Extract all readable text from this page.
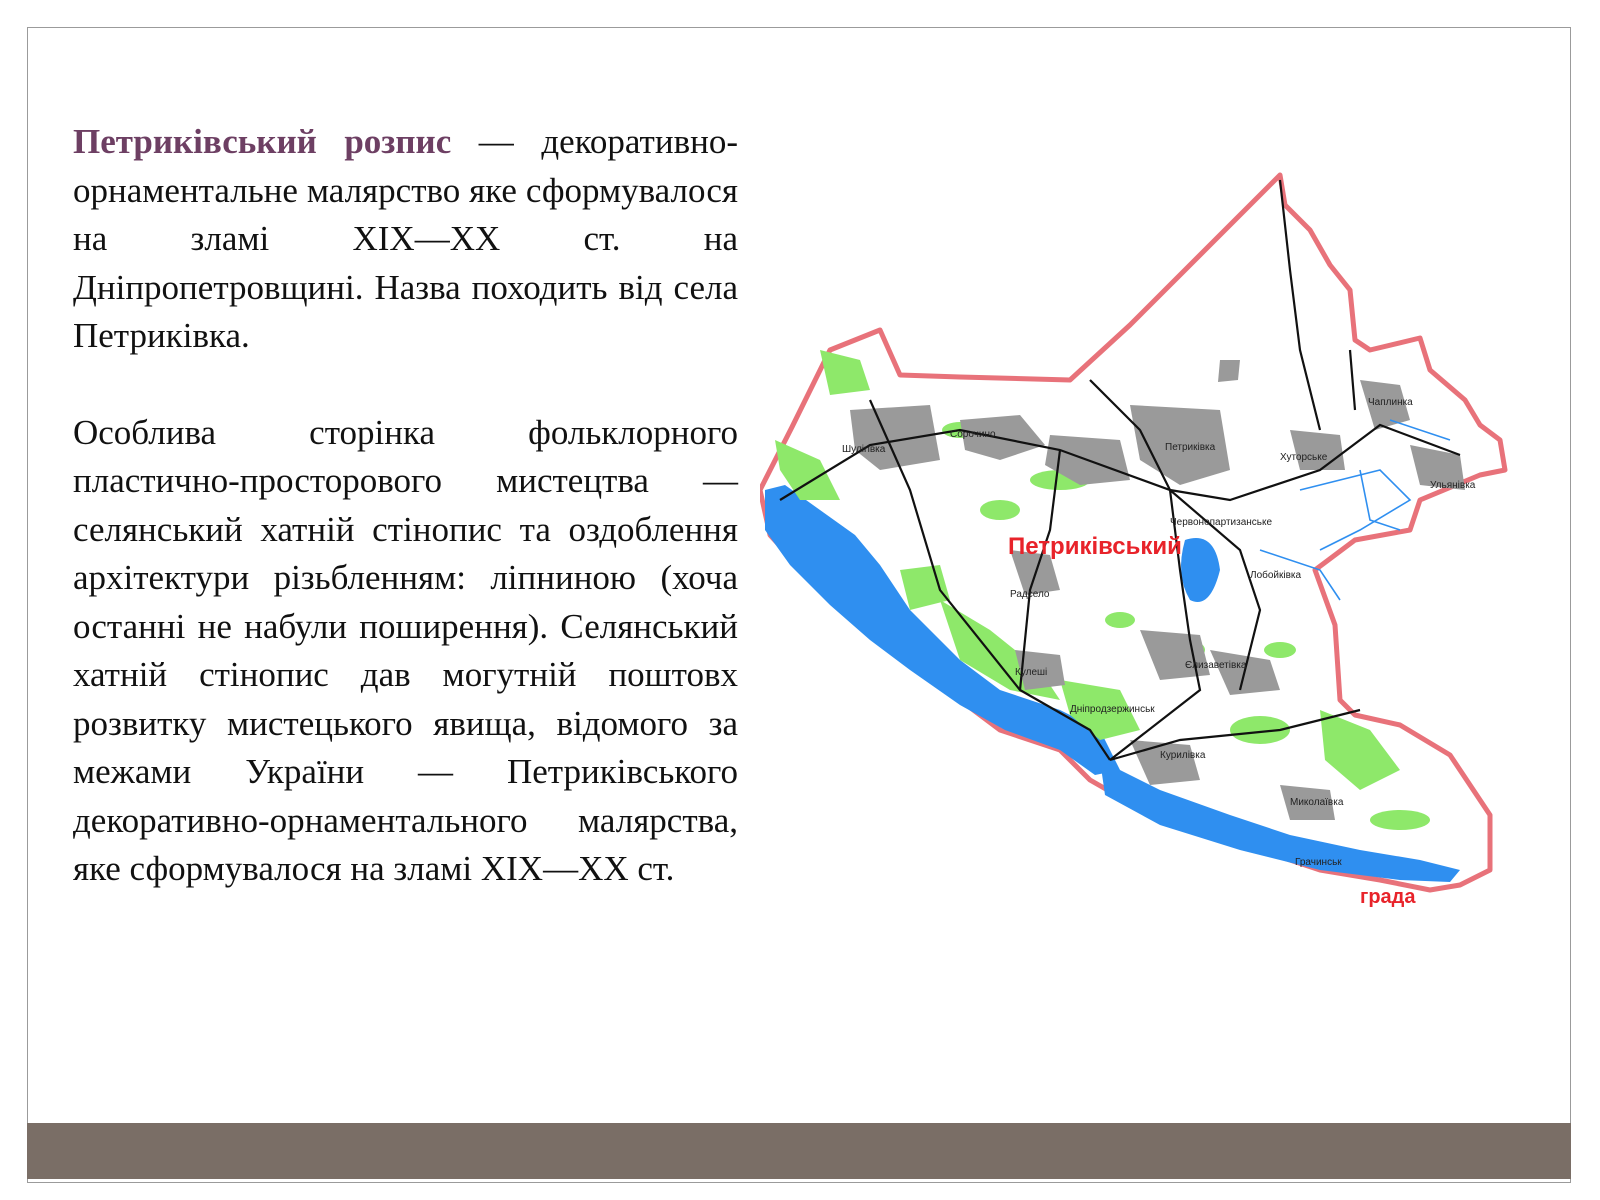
Петриківський розпис — декоративно-орнаментальне малярство яке сформувалося на зламі XIX—XX ст. на Дніпропетровщині. Назва походить від села Петриківка.

Особлива сторінка фольклорного пластично-просторового мистецтва — селянський хатній стінопис та оздоблення архітектури різьбленням: ліпниною (хоча останні не набули поширення). Селянський хатній стінопис дав могутній поштовх розвитку мистецького явища, відомого за межами України — Петриківського декоративно-орнаментального малярства, яке сформувалося на зламі XIX—XX ст.

Шулігівка
Сорочино
Петриківка
Чаплинка
Хуторське
Ульянівка
Червонопартизанське
Лобойківка
Радсело
Кулеші
Єлизаветівка
Дніпродзержинськ
Курилівка
Миколаївка
Грачинськ
Петриківський
града
